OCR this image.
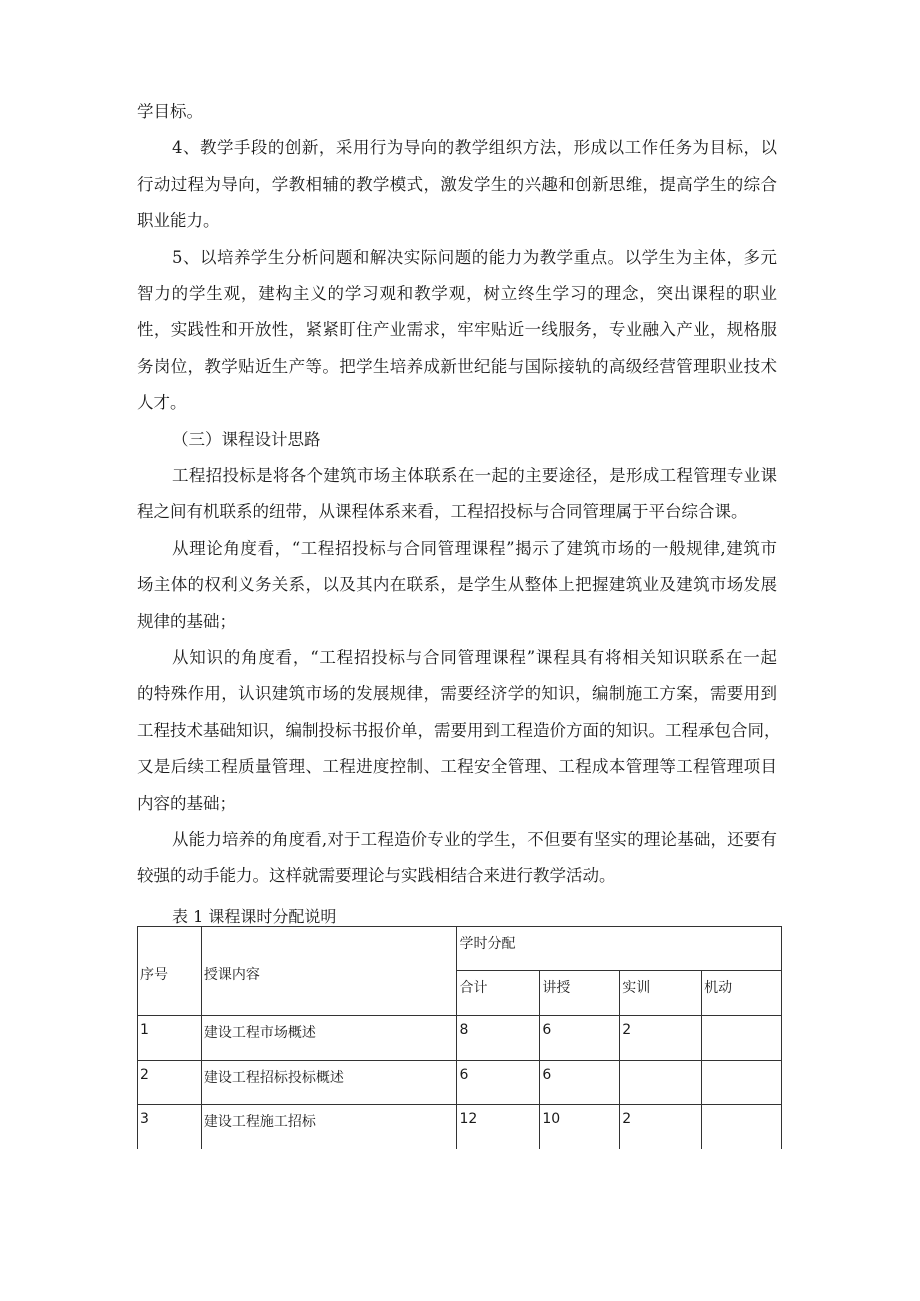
学目标。
4、教学手段的创新，采用行为导向的教学组织方法，形成以工作任务为目标，以
行动过程为导向，学教相辅的教学模式，激发学生的兴趣和创新思维，提高学生的综合
职业能力。
5、以培养学生分析问题和解决实际问题的能力为教学重点。以学生为主体，多元
智力的学生观，建构主义的学习观和教学观，树立终生学习的理念，突出课程的职业
性，实践性和开放性，紧紧盯住产业需求，牢牢贴近一线服务，专业融入产业，规格服
务岗位，教学贴近生产等。把学生培养成新世纪能与国际接轨的高级经营管理职业技术
人才。
（三）课程设计思路
工程招投标是将各个建筑市场主体联系在一起的主要途径，是形成工程管理专业课
程之间有机联系的纽带，从课程体系来看，工程招投标与合同管理属于平台综合课。
从理论角度看，“工程招投标与合同管理课程”揭示了建筑市场的一般规律,建筑市
场主体的权利义务关系，以及其内在联系，是学生从整体上把握建筑业及建筑市场发展
规律的基础；
从知识的角度看，“工程招投标与合同管理课程”课程具有将相关知识联系在一起
的特殊作用，认识建筑市场的发展规律，需要经济学的知识，编制施工方案，需要用到
工程技术基础知识，编制投标书报价单，需要用到工程造价方面的知识。工程承包合同，
又是后续工程质量管理、工程进度控制、工程安全管理、工程成本管理等工程管理项目
内容的基础；
从能力培养的角度看,对于工程造价专业的学生，不但要有坚实的理论基础，还要有
较强的动手能力。这样就需要理论与实践相结合来进行教学活动。
表 1 课程课时分配说明
序号	授课内容	学时分配			
		合计	讲授	实训	机动
1	建设工程市场概述	8	6	2	
2	建设工程招标投标概述	6	6		
3	建设工程施工招标	12	10	2	
